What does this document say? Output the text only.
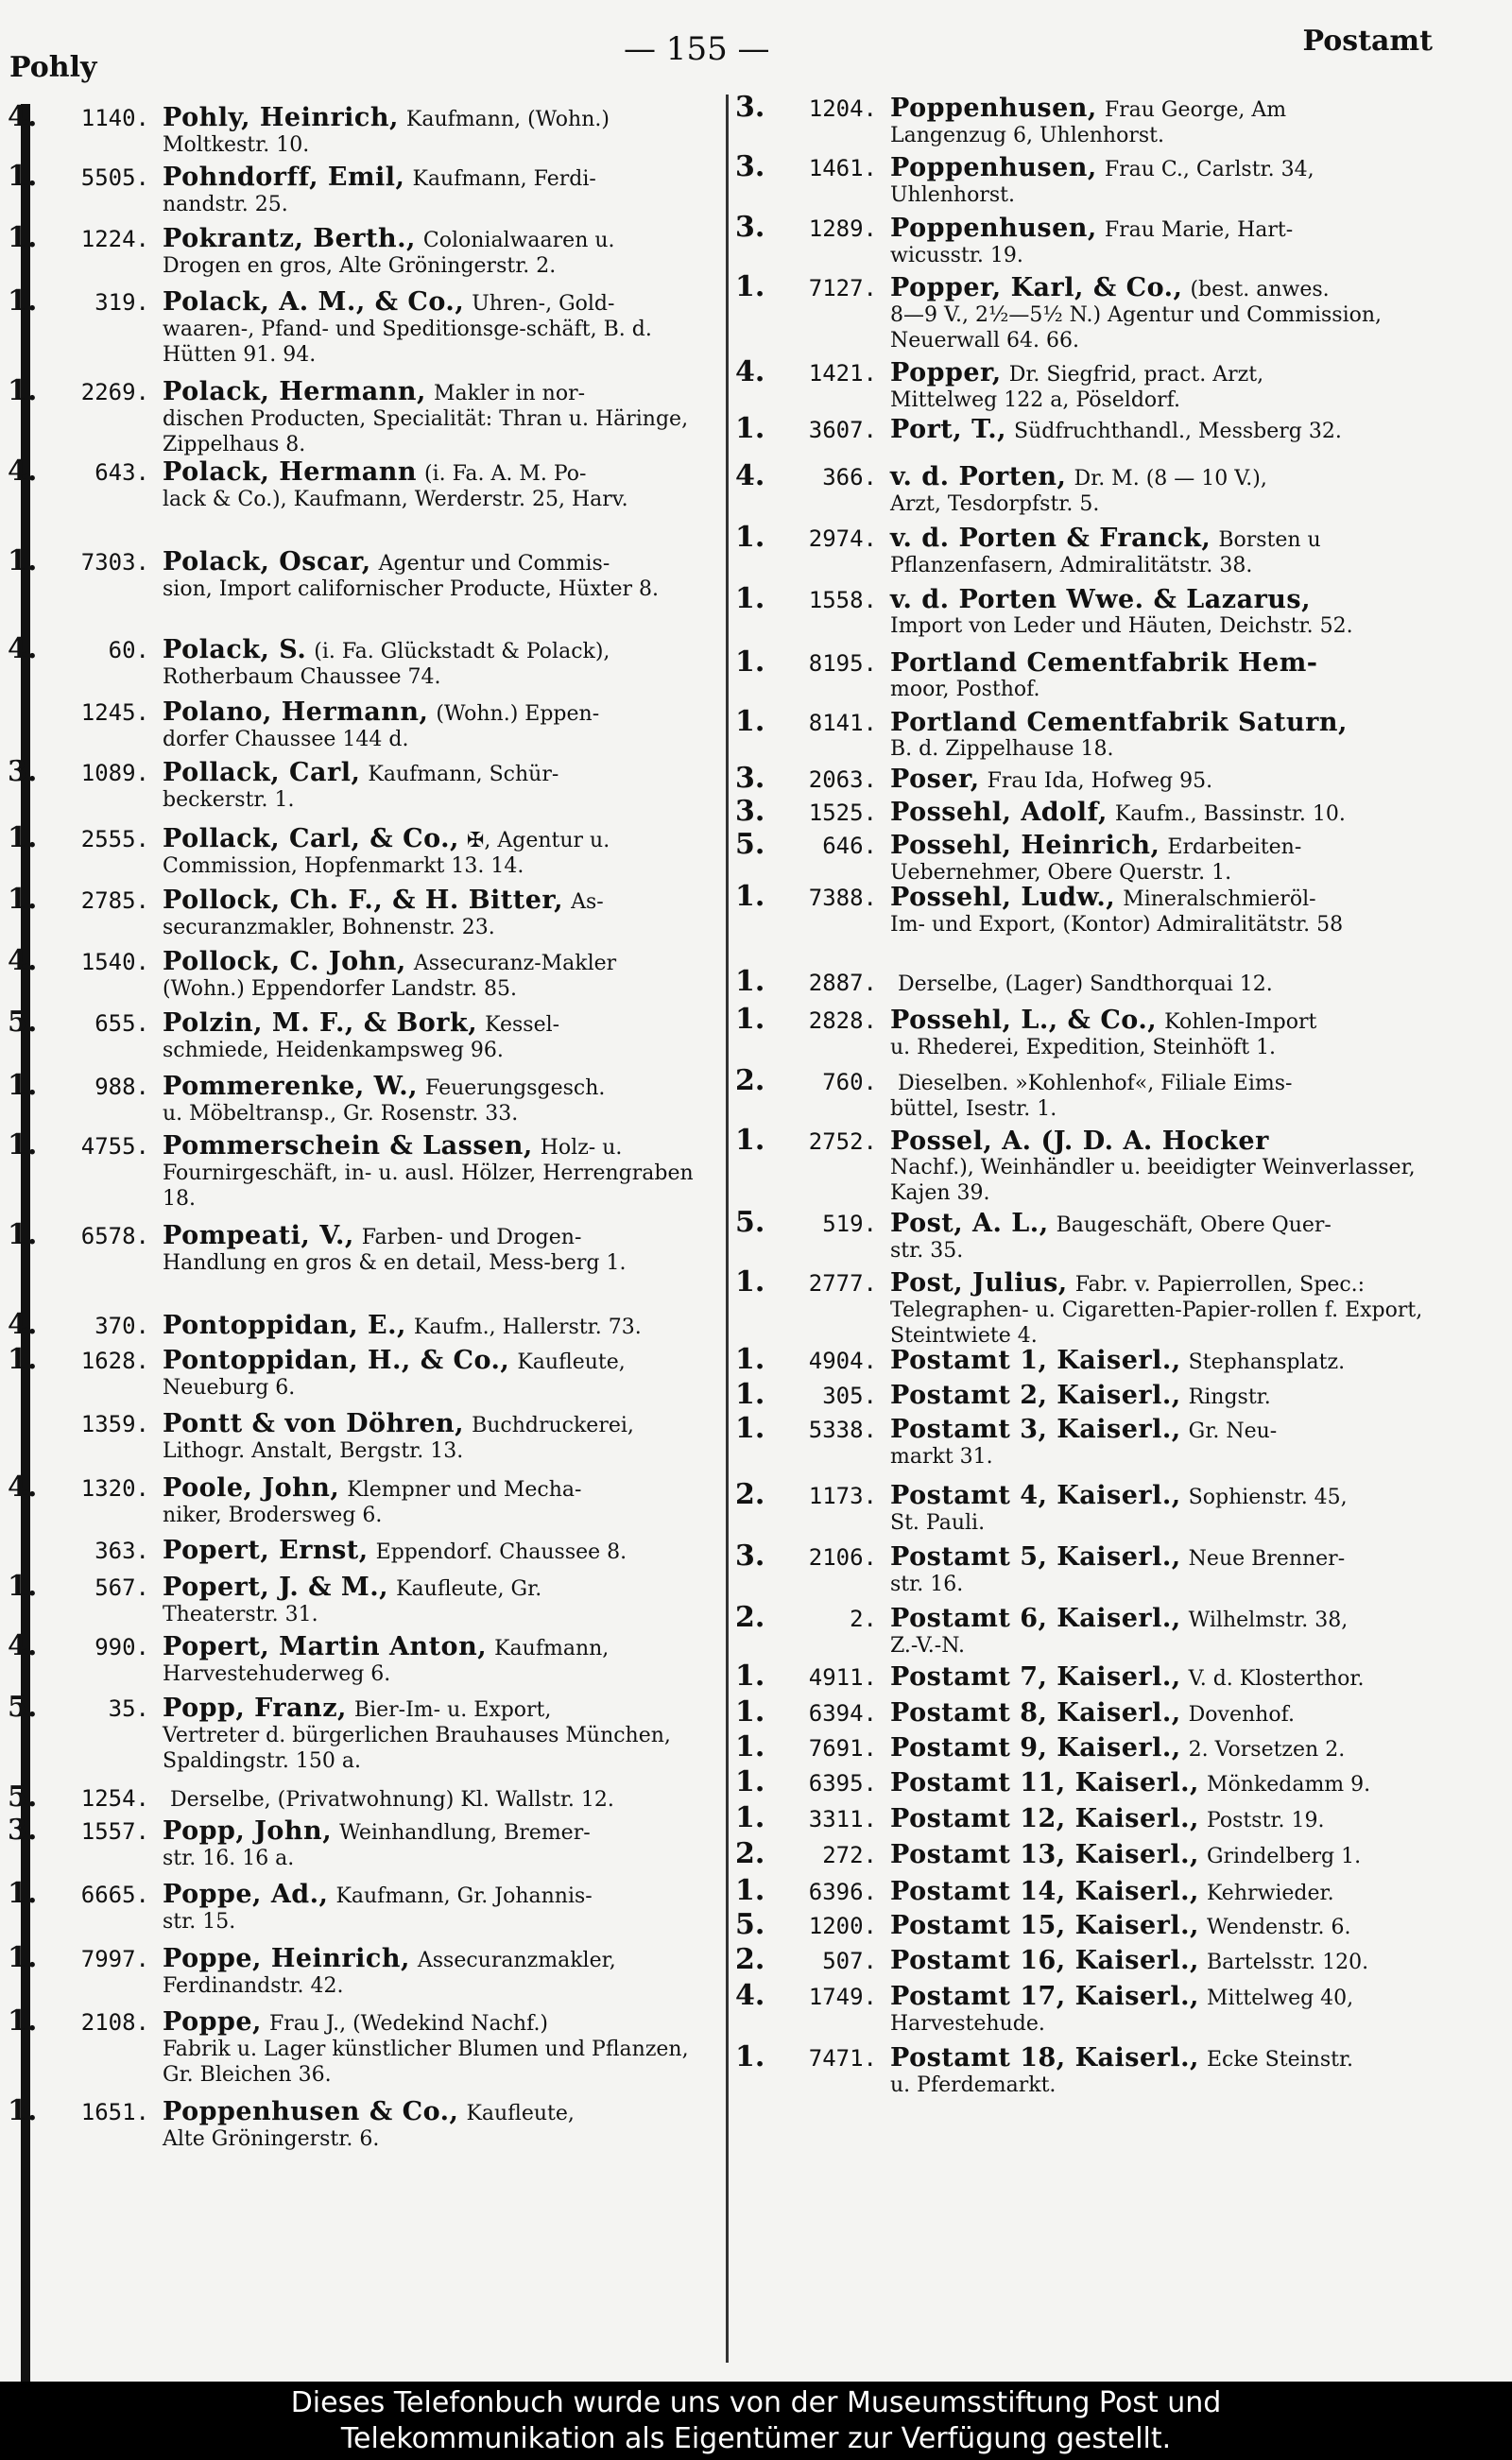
Pohly	— 155 —	Postamt
4.	1140. Pohly, Heinrich, Kaufmann, (Wohn.)
Moltkestr. 10.
1.	5505. Pohndorff, Emil, Kaufmann, Ferdi-
nandstr. 25.
1.	1224. Pokrantz, Berth., Colonialwaaren u.
Drogen en gros, Alte Gröningerstr. 2.
1.	319. Polack, A. M., & Co., Uhren-, Gold-
waaren-, Pfand- und Speditionsge-schäft, B. d. Hütten 91. 94.
1.	2269. Polack, Hermann, Makler in nor-
dischen Producten, Specialität: Thran u. Häringe, Zippelhaus 8.
4.	643. Polack, Hermann (i. Fa. A. M. Po-
lack & Co.), Kaufmann, Werderstr. 25, Harv.
1.	7303. Polack, Oscar, Agentur und Commis-
sion, Import californischer Producte, Hüxter 8.
4.	60. Polack, S. (i. Fa. Glückstadt & Polack),
Rotherbaum Chaussee 74.
1245. Polano, Hermann, (Wohn.) Eppen-
dorfer Chaussee 144 d.
3.	1089. Pollack, Carl, Kaufmann, Schür-
beckerstr. 1.
1.	2555. Pollack, Carl, & Co., ✠, Agentur u.
Commission, Hopfenmarkt 13. 14.
1.	2785. Pollock, Ch. F., & H. Bitter, As-
securanzmakler, Bohnenstr. 23.
4.	1540. Pollock, C. John, Assecuranz-Makler
(Wohn.) Eppendorfer Landstr. 85.
5.	655. Polzin, M. F., & Bork, Kessel-
schmiede, Heidenkampsweg 96.
1.	988. Pommerenke, W., Feuerungsgesch.
u. Möbeltransp., Gr. Rosenstr. 33.
1.	4755. Pommerschein & Lassen, Holz- u.
Fournirgeschäft, in- u. ausl. Hölzer, Herrengraben 18.
1.	6578. Pompeati, V., Farben- und Drogen-
Handlung en gros & en detail, Mess-berg 1.
4.	370. Pontoppidan, E., Kaufm., Hallerstr. 73.
1.	1628. Pontoppidan, H., & Co., Kaufleute,
Neueburg 6.
1359. Pontt & von Döhren, Buchdruckerei,
Lithogr. Anstalt, Bergstr. 13.
4.	1320. Poole, John, Klempner und Mecha-
niker, Brodersweg 6.
363. Popert, Ernst, Eppendorf. Chaussee 8.
1.	567. Popert, J. & M., Kaufleute, Gr.
Theaterstr. 31.
4.	990. Popert, Martin Anton, Kaufmann,
Harvestehuderweg 6.
5.	35. Popp, Franz, Bier-Im- u. Export,
Vertreter d. bürgerlichen Brauhauses München, Spaldingstr. 150 a.
5.	1254. Derselbe, (Privatwohnung) Kl. Wallstr. 12.
3.	1557. Popp, John, Weinhandlung, Bremer-
str. 16. 16 a.
1.	6665. Poppe, Ad., Kaufmann, Gr. Johannis-
str. 15.
1.	7997. Poppe, Heinrich, Assecuranzmakler,
Ferdinandstr. 42.
1.	2108. Poppe, Frau J., (Wedekind Nachf.)
Fabrik u. Lager künstlicher Blumen und Pflanzen, Gr. Bleichen 36.
1.	1651. Poppenhusen & Co., Kaufleute,
Alte Gröningerstr. 6.
3.	1204. Poppenhusen, Frau George, Am
Langenzug 6, Uhlenhorst.
3.	1461. Poppenhusen, Frau C., Carlstr. 34,
Uhlenhorst.
3.	1289. Poppenhusen, Frau Marie, Hart-
wicusstr. 19.
1.	7127. Popper, Karl, & Co., (best. anwes.
8—9 V., 2½—5½ N.) Agentur und Commission, Neuerwall 64. 66.
4.	1421. Popper, Dr. Siegfrid, pract. Arzt,
Mittelweg 122 a, Pöseldorf.
1.	3607. Port, T., Südfruchthandl., Messberg 32.
4.	366. v. d. Porten, Dr. M. (8 — 10 V.),
Arzt, Tesdorpfstr. 5.
1.	2974. v. d. Porten & Franck, Borsten u
Pflanzenfasern, Admiralitätstr. 38.
1.	1558. v. d. Porten Wwe. & Lazarus,
Import von Leder und Häuten, Deichstr. 52.
1.	8195. Portland Cementfabrik Hem-
moor, Posthof.
1.	8141. Portland Cementfabrik Saturn,
B. d. Zippelhause 18.
3.	2063. Poser, Frau Ida, Hofweg 95.
3.	1525. Possehl, Adolf, Kaufm., Bassinstr. 10.
5.	646. Possehl, Heinrich, Erdarbeiten-
Uebernehmer, Obere Querstr. 1.
1.	7388. Possehl, Ludw., Mineralschmieröl-
Im- und Export, (Kontor) Admiralitätstr. 58
1.	2887. Derselbe, (Lager) Sandthorquai 12.
1.	2828. Possehl, L., & Co., Kohlen-Import
u. Rhederei, Expedition, Steinhöft 1.
2.	760. Dieselben. »Kohlenhof«, Filiale Eims-
büttel, Isestr. 1.
1.	2752. Possel, A. (J. D. A. Hocker
Nachf.), Weinhändler u. beeidigter Weinverlasser, Kajen 39.
5.	519. Post, A. L., Baugeschäft, Obere Quer-
str. 35.
1.	2777. Post, Julius, Fabr. v. Papierrollen, Spec.:
Telegraphen- u. Cigaretten-Papier-rollen f. Export, Steintwiete 4.
1.	4904. Postamt 1, Kaiserl., Stephansplatz.
1.	305. Postamt 2, Kaiserl., Ringstr.
1.	5338. Postamt 3, Kaiserl., Gr. Neu-
markt 31.
2.	1173. Postamt 4, Kaiserl., Sophienstr. 45,
St. Pauli.
3.	2106. Postamt 5, Kaiserl., Neue Brenner-
str. 16.
2.	2. Postamt 6, Kaiserl., Wilhelmstr. 38,
Z.-V.-N.
1.	4911. Postamt 7, Kaiserl., V. d. Klosterthor.
1.	6394. Postamt 8, Kaiserl., Dovenhof.
1.	7691. Postamt 9, Kaiserl., 2. Vorsetzen 2.
1.	6395. Postamt 11, Kaiserl., Mönkedamm 9.
1.	3311. Postamt 12, Kaiserl., Poststr. 19.
2.	272. Postamt 13, Kaiserl., Grindelberg 1.
1.	6396. Postamt 14, Kaiserl., Kehrwieder.
5.	1200. Postamt 15, Kaiserl., Wendenstr. 6.
2.	507. Postamt 16, Kaiserl., Bartelsstr. 120.
4.	1749. Postamt 17, Kaiserl., Mittelweg 40,
Harvestehude.
1.	7471. Postamt 18, Kaiserl., Ecke Steinstr.
u. Pferdemarkt.
Dieses Telefonbuch wurde uns von der Museumsstiftung Post und
Telekommunikation als Eigentümer zur Verfügung gestellt.
